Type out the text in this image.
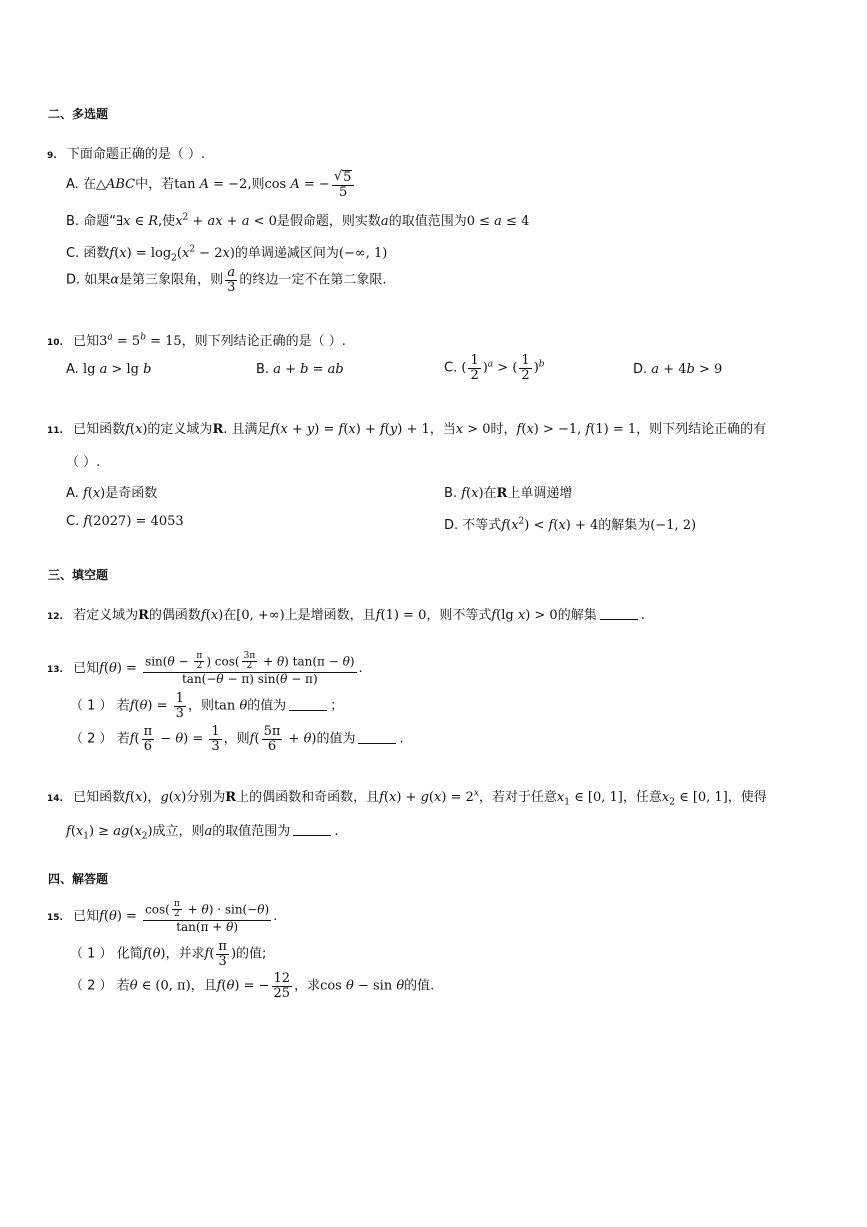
二、多选题
9. 下面命题正确的是（ ）.
A. 在△ABC中，若tan A = −2,则cos A = − $\frac{√ 5}{5}$
B. 命题“∃x ∈ R,使$x^2$ + ax + a < 0是假命题，则实数a的取值范围为0 ≤ a ≤ 4
C. 函数$f(x) = \log_2(x^2 - 2x)$的单调递减区间为(−∞, 1)
D. 如果α是第三象限角，则 $\frac{a}{3}$ 的终边一定不在第二象限.
10. 已知$3^a = 5^b = 15$，则下列结论正确的是（ ）.
A. lg a > lg b	B. a + b = ab	C. ( $\frac{1}{2} )^a$ > ( $\frac{1}{2} )^b$	D. a + 4b > 9
11. 已知函数f(x)的定义域为R. 且满足f(x + y) = f(x) + f(y) + 1，当x > 0时，f(x) > −1, f(1) = 1，则下列结论正确的有
（ ）.
A. f(x)是奇函数	B. f(x)在R上单调递增
C. f(2027) = 4053	D. 不等式$f(x^2) < f(x) + 4$的解集为(−1, 2)
三、填空题
12. 若定义域为R的偶函数f(x)在[0, +∞)上是增函数，且f(1) = 0，则不等式f(lg x) > 0的解集	.
13. 已知$f(\theta) = \frac{\sin(\theta - \frac{\pi}{2} ) \cos( \frac{3\pi}{2} + \theta) \tan(\pi - \theta)}{\tan(-\theta - \pi) \sin(\theta - \pi)}$ .
（ 1 ） 若$f(\theta) = \frac{1}{3}$ ，则tan θ的值为	；
（ 2 ） 若$f( \frac{\pi}{6} - \theta) = \frac{1}{3}$ ，则$f( \frac{5\pi}{6} + \theta)$的值为	.
14. 已知函数f(x)，g(x)分别为R上的偶函数和奇函数，且$f(x) + g(x) = 2^x$，若对于任意$x_1$ ∈ [0, 1]，任意$x_2$ ∈ [0, 1]，使得
$f(x_1) \ge ag(x_2)$成立，则a的取值范围为	.
四、解答题
15. 已知$f(\theta) = \frac{\cos( \frac{\pi}{2} + \theta) \cdot \sin(-\theta)}{\tan(\pi + \theta)}$ .
（ 1 ） 化简f(θ)，并求$f( \frac{\pi}{3}$ )的值;
（ 2 ） 若θ ∈ (0, π)，且f(θ) = − $\frac{12}{25}$ ，求cos θ − sin θ的值.
